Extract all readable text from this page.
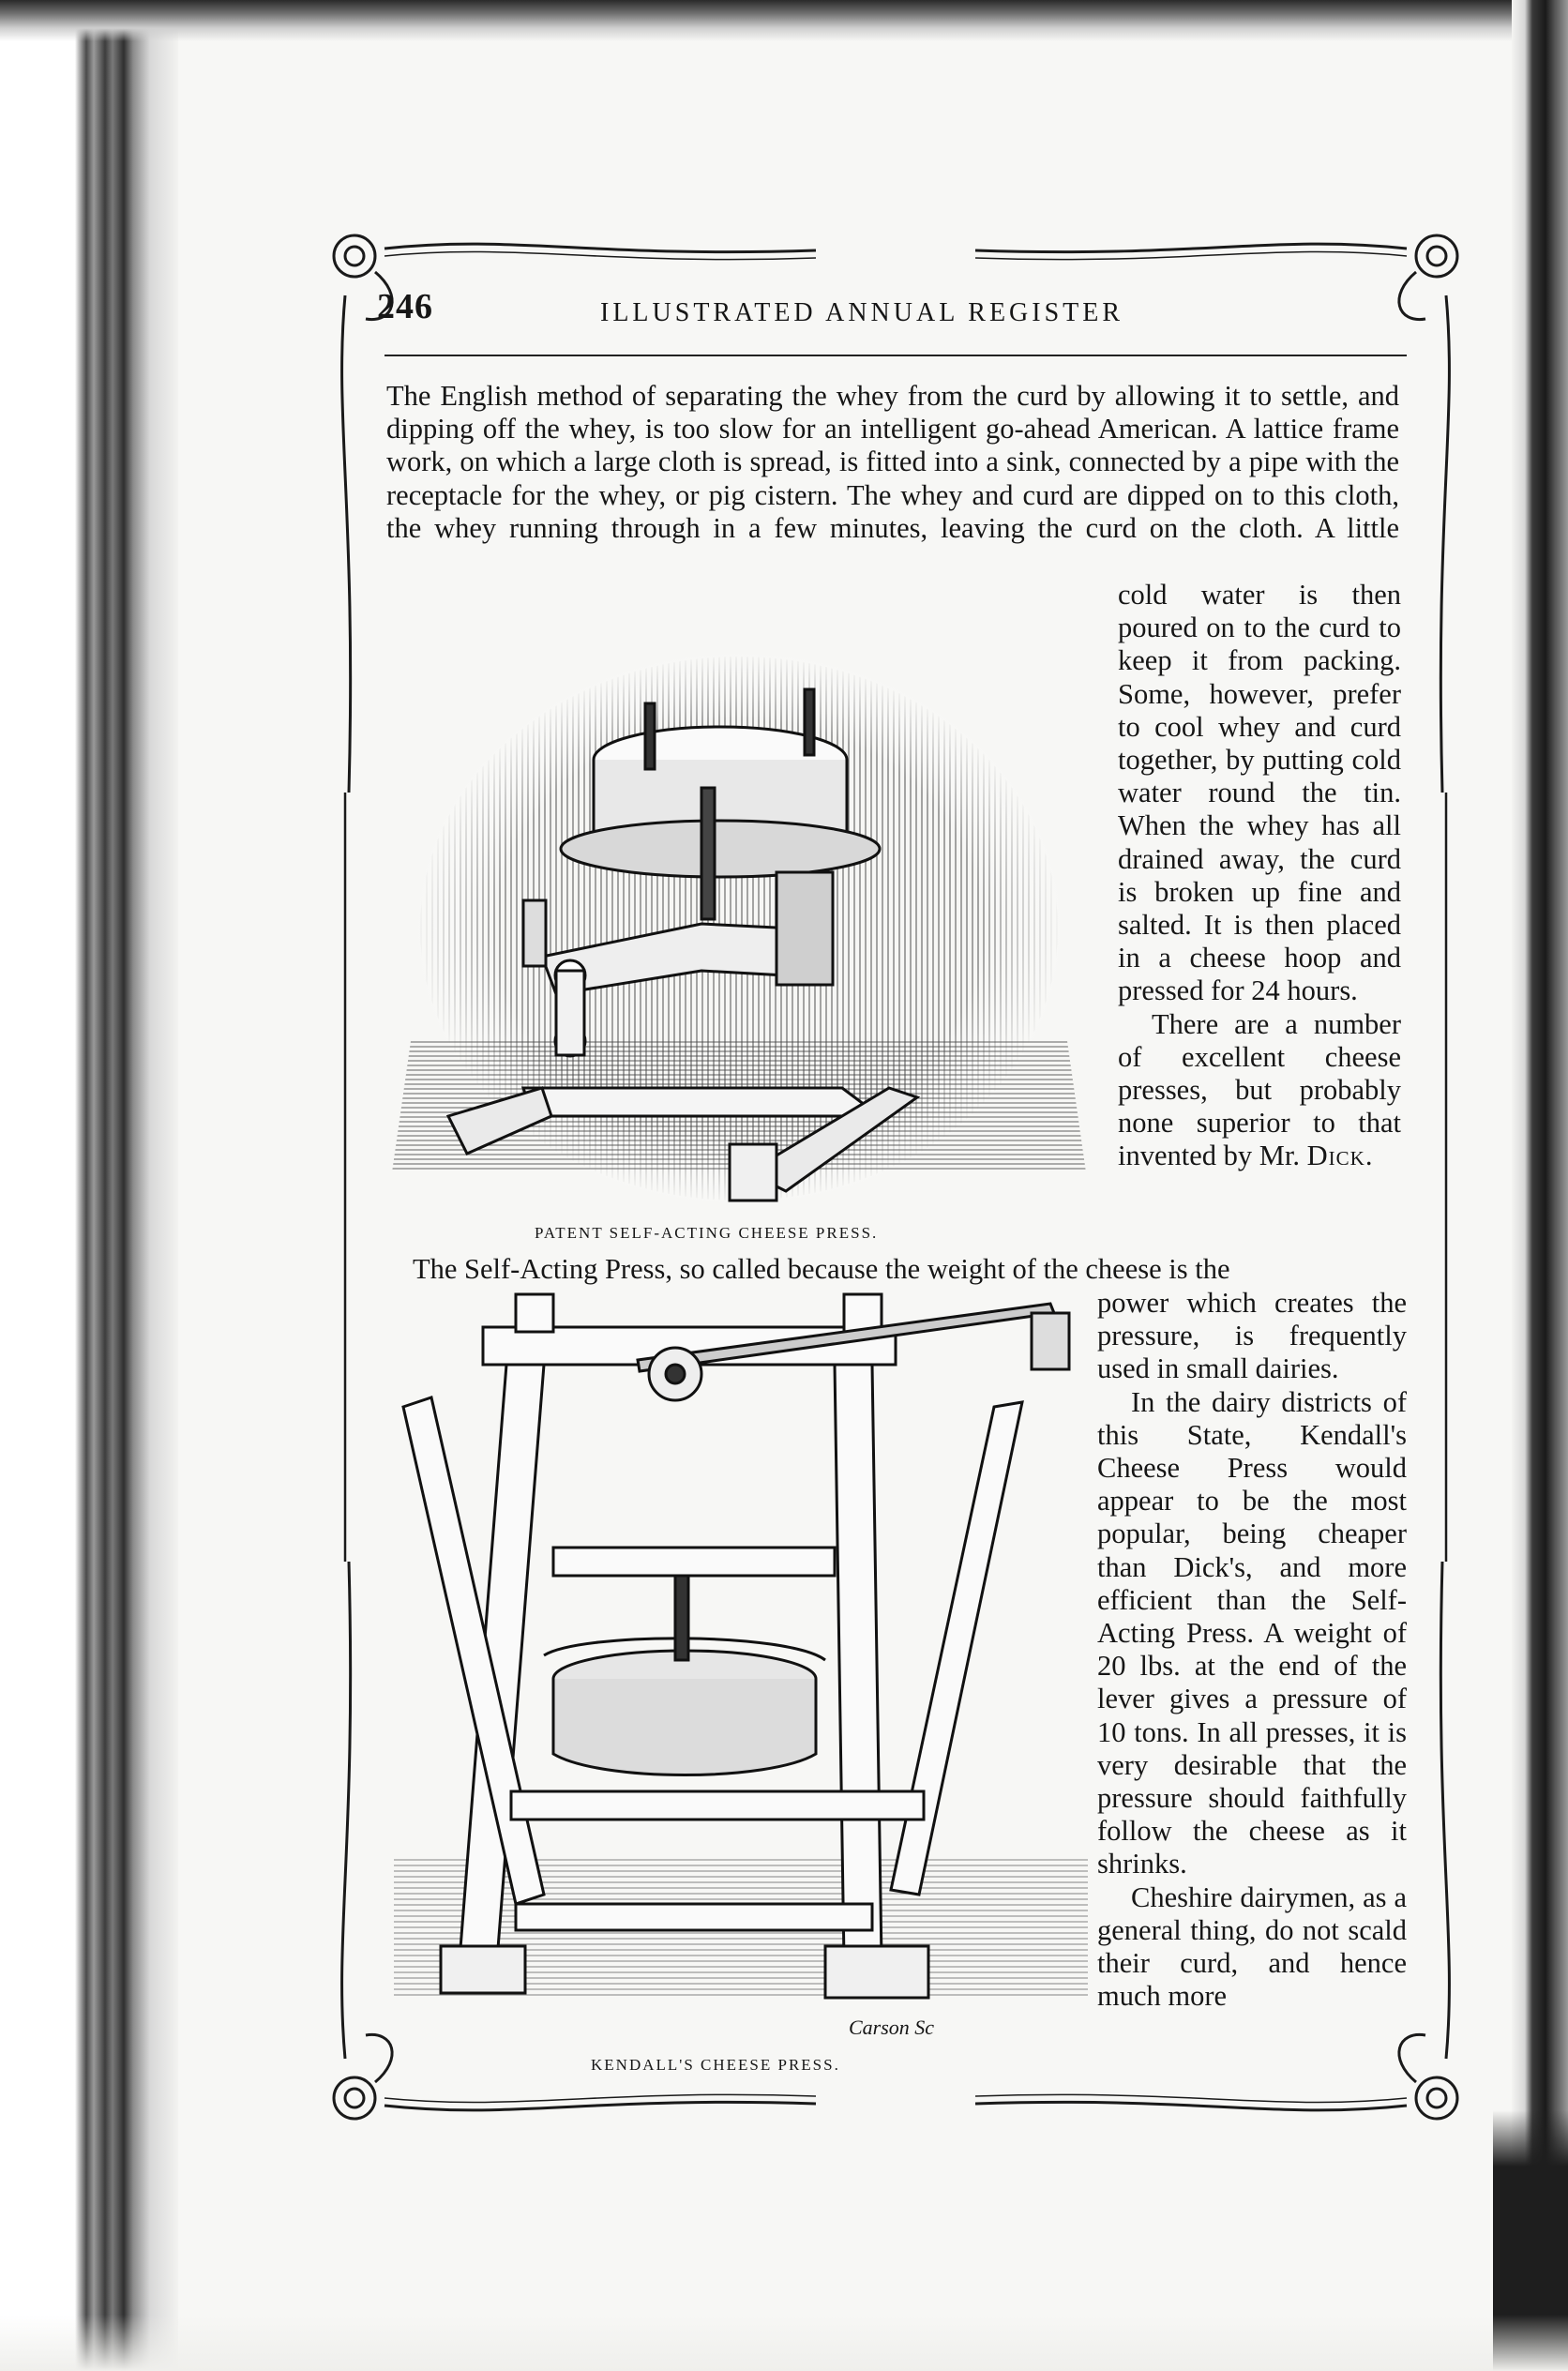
246	ILLUSTRATED ANNUAL REGISTER
The English method of separating the whey from the curd by allowing it to settle, and dipping off the whey, is too slow for an intelligent go-ahead American. A lattice frame work, on which a large cloth is spread, is fitted into a sink, connected by a pipe with the receptacle for the whey, or pig cistern. The whey and curd are dipped on to this cloth, the whey running through in a few minutes, leaving the curd on the cloth. A little
cold water is then poured on to the curd to keep it from packing. Some, however, prefer to cool whey and curd together, by putting cold water round the tin. When the whey has all drained away, the curd is broken up fine and salted. It is then placed in a cheese hoop and pressed for 24 hours.
There are a number of excellent cheese presses, but probably none superior to that invented by Mr. Dick.
The Self-Acting Press, so called because the weight of the cheese is the
power which creates the pressure, is frequently used in small dairies.
In the dairy districts of this State, Kendall's Cheese Press would appear to be the most popular, being cheaper than Dick's, and more efficient than the Self-Acting Press. A weight of 20 lbs. at the end of the lever gives a pressure of 10 tons. In all presses, it is very desirable that the pressure should faithfully follow the cheese as it shrinks.
Cheshire dairymen, as a general thing, do not scald their curd, and hence much more
PATENT SELF-ACTING CHEESE PRESS.
Carson Sc
KENDALL'S CHEESE PRESS.
